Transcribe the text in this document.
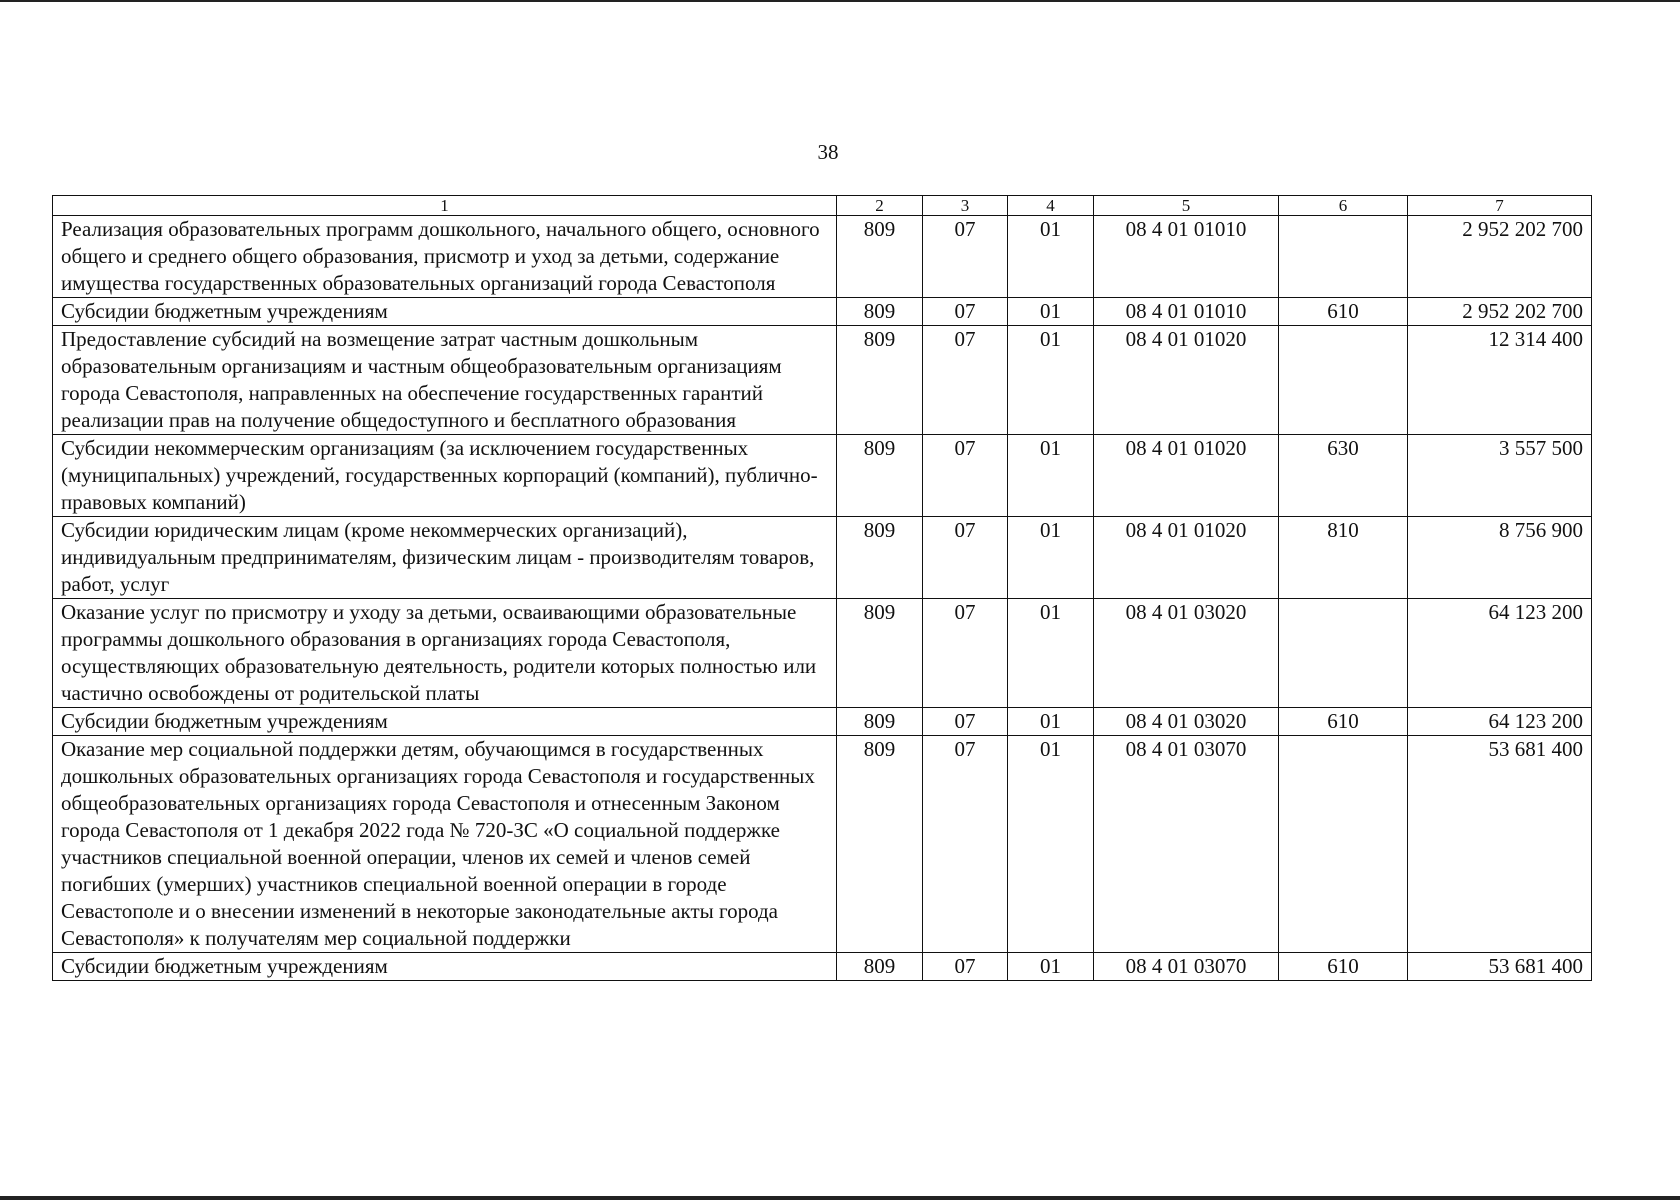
38
1	2	3	4	5	6	7
Реализация образовательных программ дошкольного, начального общего, основного общего и среднего общего образования, присмотр и уход за детьми, содержание имущества государственных образовательных организаций города Севастополя	809	07	01	08 4 01 01010		2 952 202 700
Субсидии бюджетным учреждениям	809	07	01	08 4 01 01010	610	2 952 202 700
Предоставление субсидий на возмещение затрат частным дошкольным образовательным организациям и частным общеобразовательным организациям города Севастополя, направленных на обеспечение государственных гарантий реализации прав на получение общедоступного и бесплатного образования	809	07	01	08 4 01 01020		12 314 400
Субсидии некоммерческим организациям (за исключением государственных (муниципальных) учреждений, государственных корпораций (компаний), публично-правовых компаний)	809	07	01	08 4 01 01020	630	3 557 500
Субсидии юридическим лицам (кроме некоммерческих организаций), индивидуальным предпринимателям, физическим лицам - производителям товаров, работ, услуг	809	07	01	08 4 01 01020	810	8 756 900
Оказание услуг по присмотру и уходу за детьми, осваивающими образовательные программы дошкольного образования в организациях города Севастополя, осуществляющих образовательную деятельность, родители которых полностью или частично освобождены от родительской платы	809	07	01	08 4 01 03020		64 123 200
Субсидии бюджетным учреждениям	809	07	01	08 4 01 03020	610	64 123 200
Оказание мер социальной поддержки детям, обучающимся в государственных дошкольных образовательных организациях города Севастополя и государственных общеобразовательных организациях города Севастополя и отнесенным Законом города Севастополя от 1 декабря 2022 года № 720-ЗС «О социальной поддержке участников специальной военной операции, членов их семей и членов семей погибших (умерших) участников специальной военной операции в городе Севастополе и о внесении изменений в некоторые законодательные акты города Севастополя» к получателям мер социальной поддержки	809	07	01	08 4 01 03070		53 681 400
Субсидии бюджетным учреждениям	809	07	01	08 4 01 03070	610	53 681 400
